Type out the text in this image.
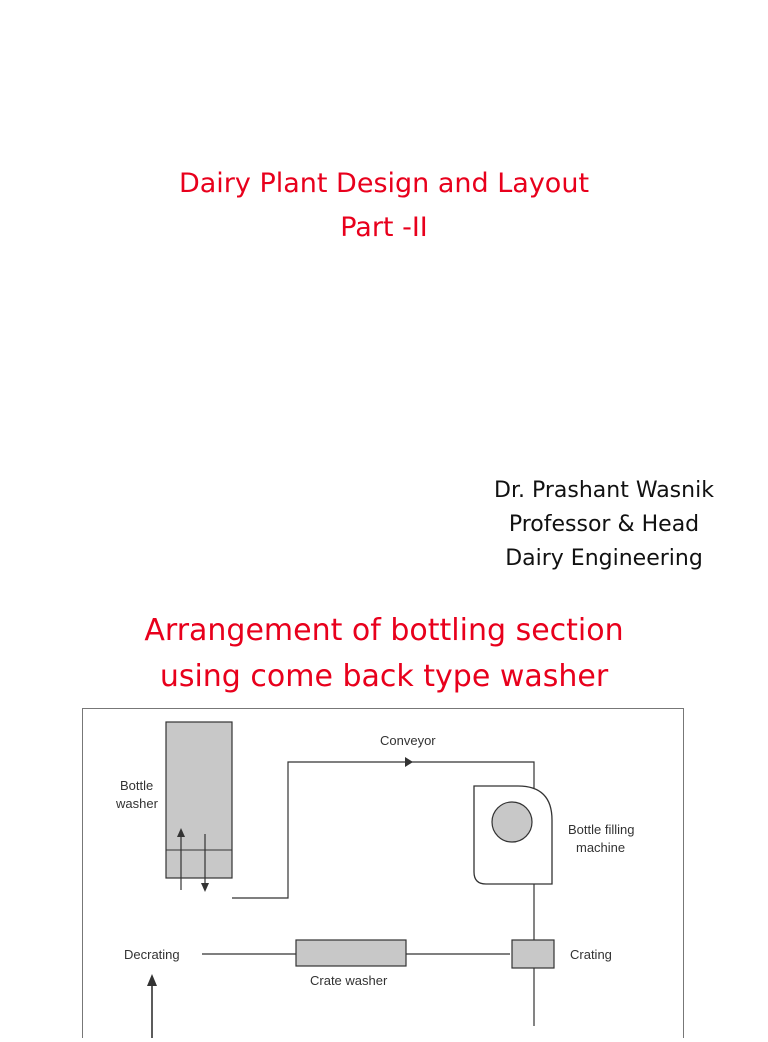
Dairy Plant Design and Layout
Part -II
Dr. Prashant Wasnik
Professor & Head
Dairy Engineering
Arrangement of bottling section
using come back type washer
Bottle
washer
Conveyor
Bottle filling
machine
Decrating
Crate washer
Crating
